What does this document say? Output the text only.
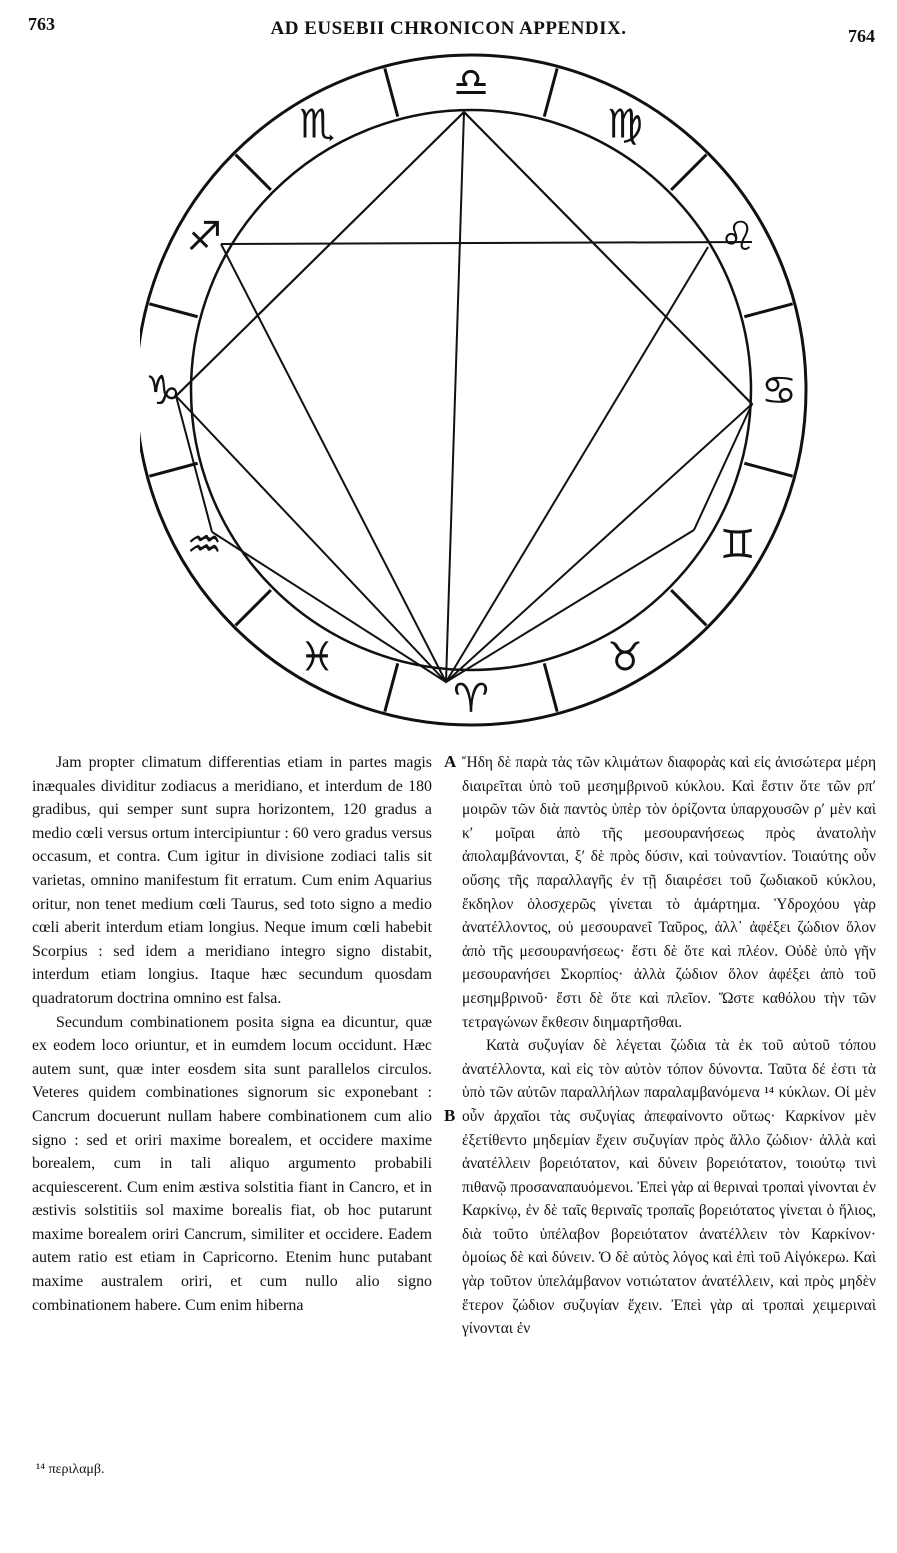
763	AD EUSEBII CHRONICON APPENDIX.	764
♎
♍
♌
♋
♊
♉
♈
♓
♒
♑
♐
♏
A
B

Jam propter climatum differentias etiam in partes magis inæquales dividitur zodiacus a meridiano, et interdum de 180 gradibus, qui semper sunt supra horizontem, 120 gradus a medio cœli versus ortum intercipiuntur : 60 vero gradus versus occasum, et contra. Cum igitur in divisione zodiaci talis sit varietas, omnino manifestum fit erratum. Cum enim Aquarius oritur, non tenet medium cœli Taurus, sed toto signo a medio cœli aberit interdum etiam longius. Neque imum cœli habebit Scorpius : sed idem a meridiano integro signo distabit, interdum etiam longius. Itaque hæc secundum quosdam quadratorum doctrina omnino est falsa.

Secundum combinationem posita signa ea dicuntur, quæ ex eodem loco oriuntur, et in eumdem locum occidunt. Hæc autem sunt, quæ inter eosdem sita sunt parallelos circulos. Veteres quidem combinationes signorum sic exponebant : Cancrum docuerunt nullam habere combinationem cum alio signo : sed et oriri maxime borealem, et occidere maxime borealem, cum in tali aliquo argumento probabili acquiescerent. Cum enim æstiva solstitia fiant in Cancro, et in æstivis solstitiis sol maxime borealis fiat, ob hoc putarunt maxime borealem oriri Cancrum, similiter et occidere. Eadem autem ratio est etiam in Capricorno. Etenim hunc putabant maxime australem oriri, et cum nullo alio signo combinationem habere. Cum enim hiberna

Ἤδη δὲ παρὰ τὰς τῶν κλιμάτων διαφορὰς καὶ εἰς ἀνισώτερα μέρη διαιρεῖται ὑπὸ τοῦ μεσημβρινοῦ κύκλου. Καὶ ἔστιν ὅτε τῶν ρπ′ μοιρῶν τῶν διὰ παντὸς ὑπὲρ τὸν ὁρίζοντα ὑπαρχουσῶν ρ′ μὲν καὶ κ′ μοῖραι ἀπὸ τῆς μεσουρανήσεως πρὸς ἀνατολὴν ἀπολαμβάνονται, ξ′ δὲ πρὸς δύσιν, καὶ τοὐναντίον. Τοιαύτης οὖν οὔσης τῆς παραλλαγῆς ἐν τῇ διαιρέσει τοῦ ζωδιακοῦ κύκλου, ἔκδηλον ὁλοσχερῶς γίνεται τὸ ἁμάρτημα. Ὑδροχόου γὰρ ἀνατέλλοντος, οὐ μεσουρανεῖ Ταῦρος, ἀλλ᾽ ἀφέξει ζώδιον ὅλον ἀπὸ τῆς μεσουρανήσεως· ἔστι δὲ ὅτε καὶ πλέον. Οὐδὲ ὑπὸ γῆν μεσουρανήσει Σκορπίος· ἀλλὰ ζώδιον ὅλον ἀφέξει ἀπὸ τοῦ μεσημβρινοῦ· ἔστι δὲ ὅτε καὶ πλεῖον. Ὥστε καθόλου τὴν τῶν τετραγώνων ἔκθεσιν διημαρτῆσθαι.

Κατὰ συζυγίαν δὲ λέγεται ζώδια τὰ ἐκ τοῦ αὐτοῦ τόπου ἀνατέλλοντα, καὶ εἰς τὸν αὐτὸν τόπον δύνοντα. Ταῦτα δέ ἐστι τὰ ὑπὸ τῶν αὐτῶν παραλλήλων παραλαμβανόμενα ¹⁴ κύκλων. Οἱ μὲν οὖν ἀρχαῖοι τὰς συζυγίας ἀπεφαίνοντο οὕτως· Καρκίνον μὲν ἐξετίθεντο μηδεμίαν ἔχειν συζυγίαν πρὸς ἄλλο ζώδιον· ἀλλὰ καὶ ἀνατέλλειν βορειότατον, καὶ δύνειν βορειότατον, τοιούτῳ τινὶ πιθανῷ προσαναπαυόμενοι. Ἐπεὶ γὰρ αἱ θεριναὶ τροπαὶ γίνονται ἐν Καρκίνῳ, ἐν δὲ ταῖς θεριναῖς τροπαῖς βορειότατος γίνεται ὁ ἥλιος, διὰ τοῦτο ὑπέλαβον βορειότατον ἀνατέλλειν τὸν Καρκίνον· ὁμοίως δὲ καὶ δύνειν. Ὁ δὲ αὐτὸς λόγος καὶ ἐπὶ τοῦ Αἰγόκερω. Καὶ γὰρ τοῦτον ὑπελάμβανον νοτιώτατον ἀνατέλλειν, καὶ πρὸς μηδὲν ἕτερον ζώδιον συζυγίαν ἔχειν. Ἐπεὶ γὰρ αἱ τροπαὶ χειμεριναὶ γίνονται ἐν

¹⁴ περιλαμβ.
